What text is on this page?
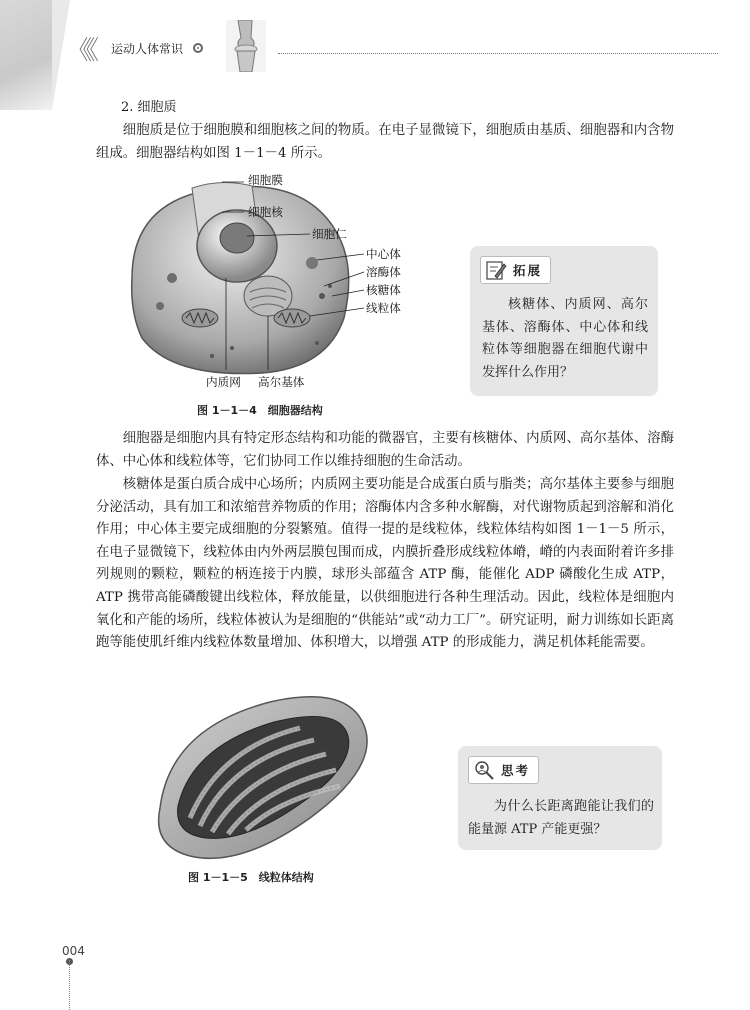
《《 运动人体常识
2. 细胞质

细胞质是位于细胞膜和细胞核之间的物质。在电子显微镜下，细胞质由基质、细胞器和内含物组成。细胞器结构如图 1－1－4 所示。

细胞膜
细胞核
细胞仁
中心体
溶酶体
核糖体
线粒体
内质网 高尔基体
图 1－1－4　细胞器结构
拓展

核糖体、内质网、高尔基体、溶酶体、中心体和线粒体等细胞器在细胞代谢中发挥什么作用？

细胞器是细胞内具有特定形态结构和功能的微器官，主要有核糖体、内质网、高尔基体、溶酶体、中心体和线粒体等，它们协同工作以维持细胞的生命活动。

核糖体是蛋白质合成中心场所；内质网主要功能是合成蛋白质与脂类；高尔基体主要参与细胞分泌活动，具有加工和浓缩营养物质的作用；溶酶体内含多种水解酶，对代谢物质起到溶解和消化作用；中心体主要完成细胞的分裂繁殖。值得一提的是线粒体，线粒体结构如图 1－1－5 所示，在电子显微镜下，线粒体由内外两层膜包围而成，内膜折叠形成线粒体嵴，嵴的内表面附着许多排列规则的颗粒，颗粒的柄连接于内膜，球形头部蕴含 ATP 酶，能催化 ADP 磷酸化生成 ATP，ATP 携带高能磷酸键出线粒体，释放能量，以供细胞进行各种生理活动。因此，线粒体是细胞内氧化和产能的场所，线粒体被认为是细胞的“供能站”或“动力工厂”。研究证明，耐力训练如长距离跑等能使肌纤维内线粒体数量增加、体积增大，以增强 ATP 的形成能力，满足机体耗能需要。

图 1－1－5　线粒体结构
思考

为什么长距离跑能让我们的能量源 ATP 产能更强？

004
